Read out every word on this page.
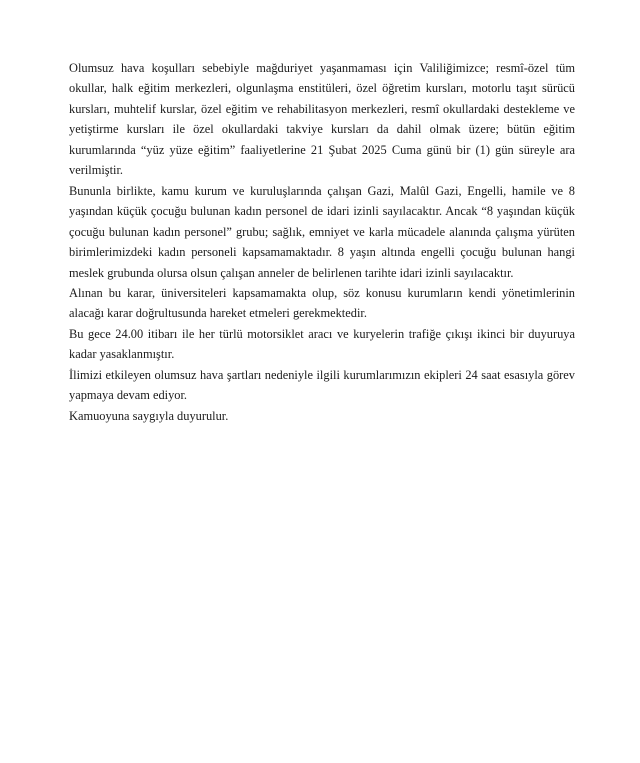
Olumsuz hava koşulları sebebiyle mağduriyet yaşanmaması için Valiliğimizce; resmî-özel tüm okullar, halk eğitim merkezleri, olgunlaşma enstitüleri, özel öğretim kursları, motorlu taşıt sürücü kursları, muhtelif kurslar, özel eğitim ve rehabilitasyon merkezleri, resmî okullardaki destekleme ve yetiştirme kursları ile özel okullardaki takviye kursları da dahil olmak üzere; bütün eğitim kurumlarında “yüz yüze eğitim” faaliyetlerine 21 Şubat 2025 Cuma günü bir (1) gün süreyle ara verilmiştir.

Bununla birlikte, kamu kurum ve kuruluşlarında çalışan Gazi, Malûl Gazi, Engelli, hamile ve 8 yaşından küçük çocuğu bulunan kadın personel de idari izinli sayılacaktır. Ancak “8 yaşından küçük çocuğu bulunan kadın personel” grubu; sağlık, emniyet ve karla mücadele alanında çalışma yürüten birimlerimizdeki kadın personeli kapsamamaktadır. 8 yaşın altında engelli çocuğu bulunan hangi meslek grubunda olursa olsun çalışan anneler de belirlenen tarihte idari izinli sayılacaktır.

Alınan bu karar, üniversiteleri kapsamamakta olup, söz konusu kurumların kendi yönetimlerinin alacağı karar doğrultusunda hareket etmeleri gerekmektedir.

Bu gece 24.00 itibarı ile her türlü motorsiklet aracı ve kuryelerin trafiğe çıkışı ikinci bir duyuruya kadar yasaklanmıştır.

İlimizi etkileyen olumsuz hava şartları nedeniyle ilgili kurumlarımızın ekipleri 24 saat esasıyla görev yapmaya devam ediyor.

Kamuoyuna saygıyla duyurulur.
